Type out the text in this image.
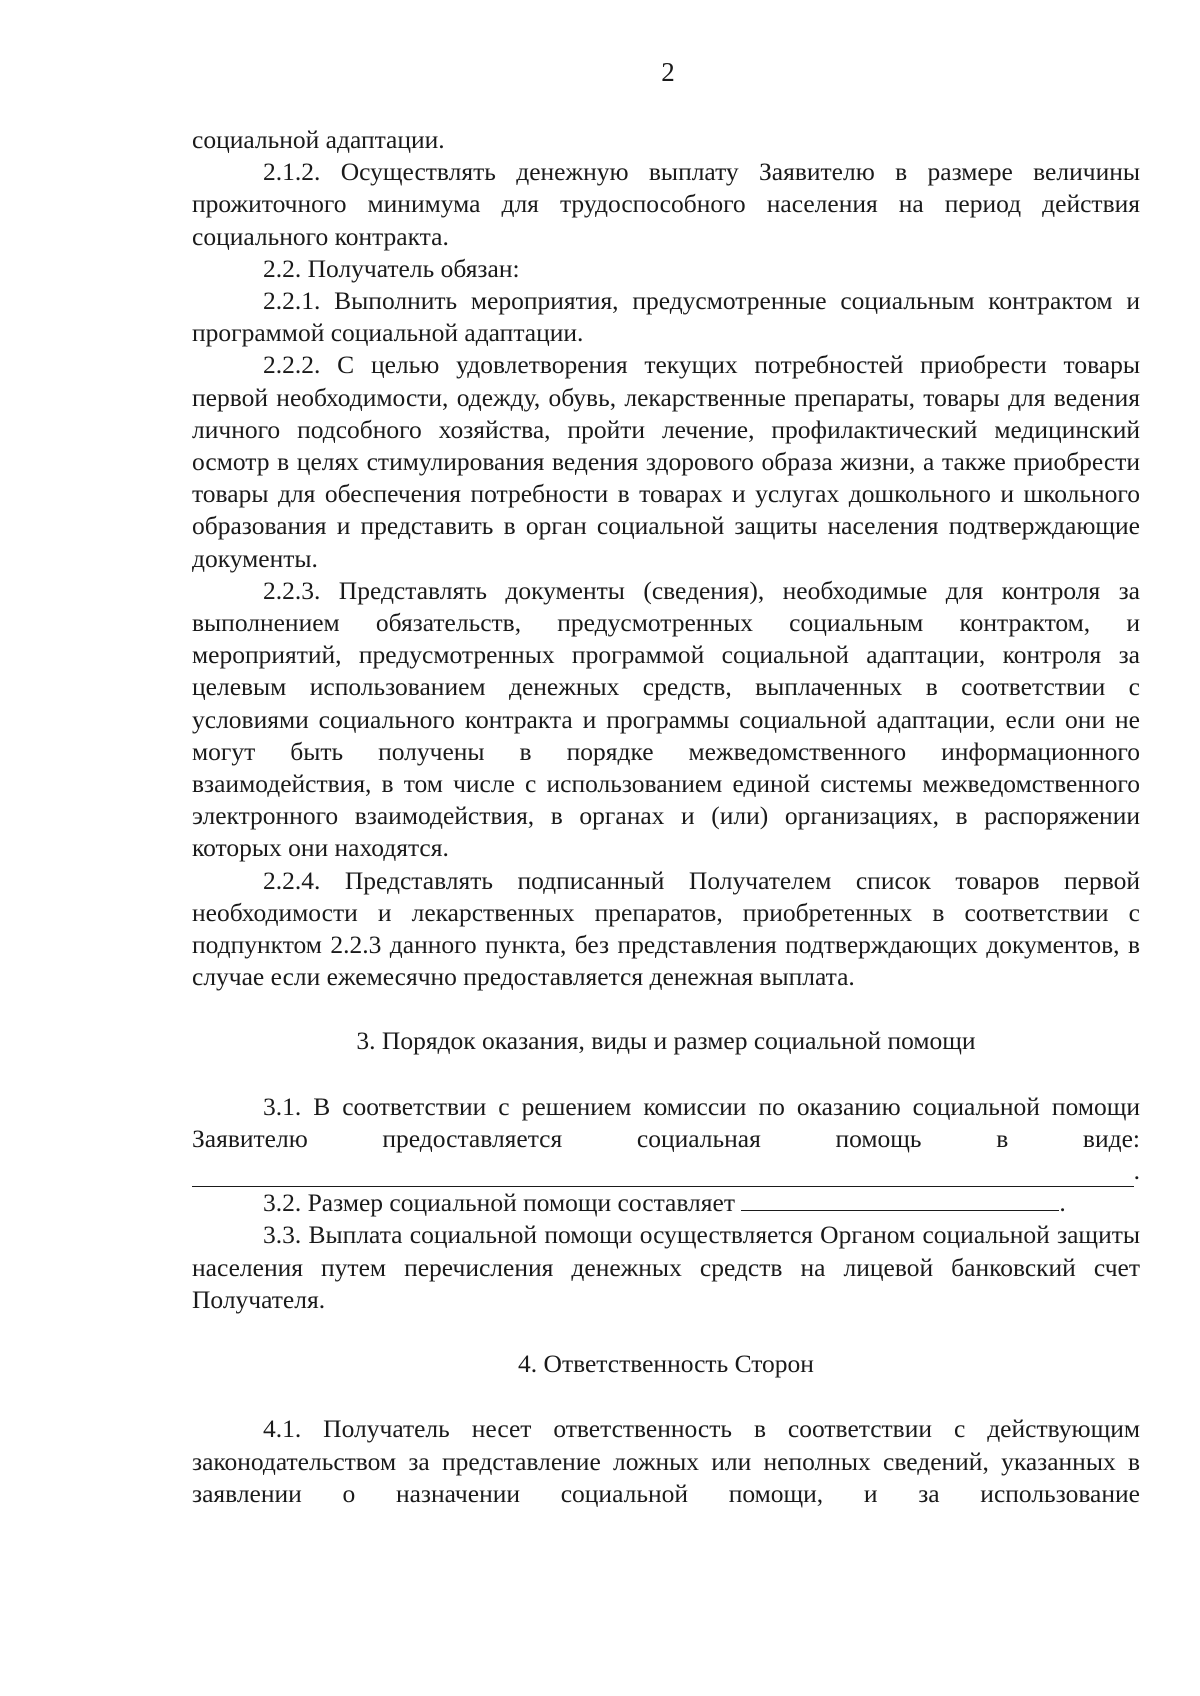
2

социальной адаптации.

2.1.2. Осуществлять денежную выплату Заявителю в размере величины прожиточного минимума для трудоспособного населения на период действия социального контракта.

2.2. Получатель обязан:

2.2.1. Выполнить мероприятия, предусмотренные социальным контрактом и программой социальной адаптации.

2.2.2. С целью удовлетворения текущих потребностей приобрести товары первой необходимости, одежду, обувь, лекарственные препараты, товары для ведения личного подсобного хозяйства, пройти лечение, профилактический медицинский осмотр в целях стимулирования ведения здорового образа жизни, а также приобрести товары для обеспечения потребности в товарах и услугах дошкольного и школьного образования и представить в орган социальной защиты населения подтверждающие документы.

2.2.3. Представлять документы (сведения), необходимые для контроля за выполнением обязательств, предусмотренных социальным контрактом, и мероприятий, предусмотренных программой социальной адаптации, контроля за целевым использованием денежных средств, выплаченных в соответствии с условиями социального контракта и программы социальной адаптации, если они не могут быть получены в порядке межведомственного информационного взаимодействия, в том числе с использованием единой системы межведомственного электронного взаимодействия, в органах и (или) организациях, в распоряжении которых они находятся.

2.2.4. Представлять подписанный Получателем список товаров первой необходимости и лекарственных препаратов, приобретенных в соответствии с подпунктом 2.2.3 данного пункта, без представления подтверждающих документов, в случае если ежемесячно предоставляется денежная выплата.

3. Порядок оказания, виды и размер социальной помощи

3.1. В соответствии с решением комиссии по оказанию социальной помощи Заявителю предоставляется социальная помощь в виде:

.

3.2. Размер социальной помощи составляет	.

3.3. Выплата социальной помощи осуществляется Органом социальной защиты населения путем перечисления денежных средств на лицевой банковский счет Получателя.

4. Ответственность Сторон

4.1. Получатель несет ответственность в соответствии с действующим законодательством за представление ложных или неполных сведений, указанных в заявлении о назначении социальной помощи, и за использование
